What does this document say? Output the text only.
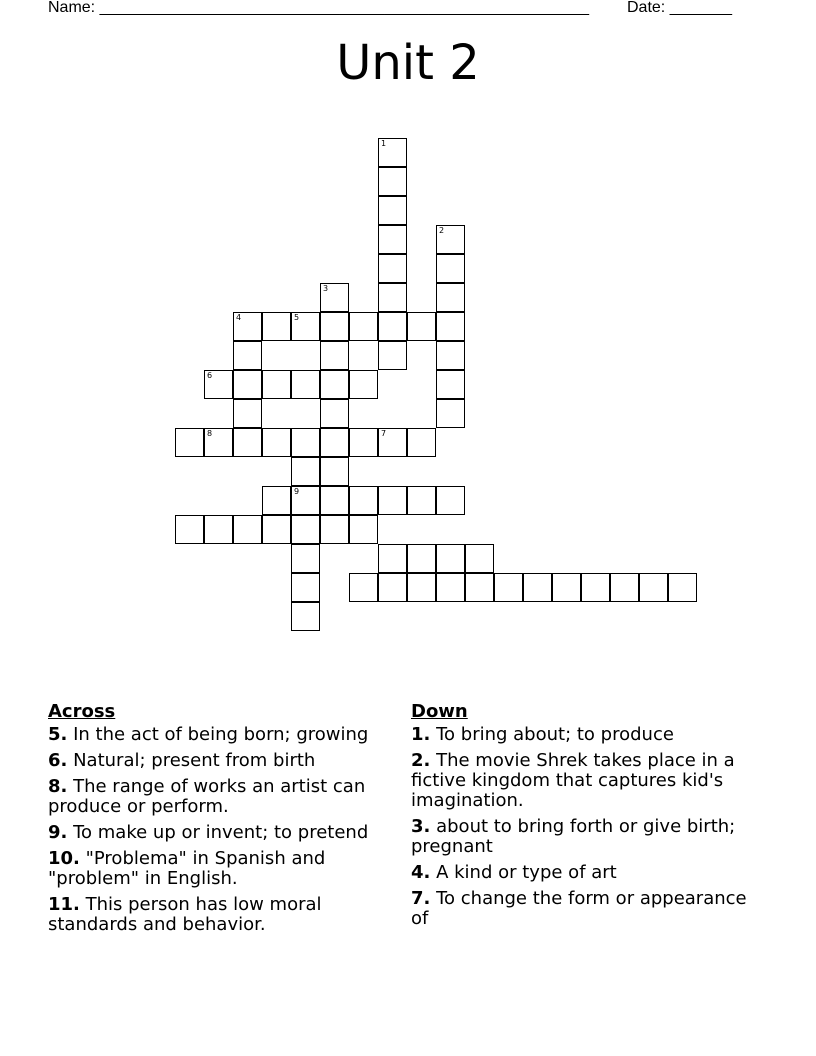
Name: _______________________________________________________ Date: _______
Unit 2
1
2
3
4	5
6
8	7
9
Across
5. In the act of being born; growing
6. Natural; present from birth
8. The range of works an artist can produce or perform.
9. To make up or invent; to pretend
10. "Problema" in Spanish and "problem" in English.
11. This person has low moral standards and behavior.
Down
1. To bring about; to produce
2. The movie Shrek takes place in a fictive kingdom that captures kid's imagination.
3. about to bring forth or give birth; pregnant
4. A kind or type of art
7. To change the form or appearance of
